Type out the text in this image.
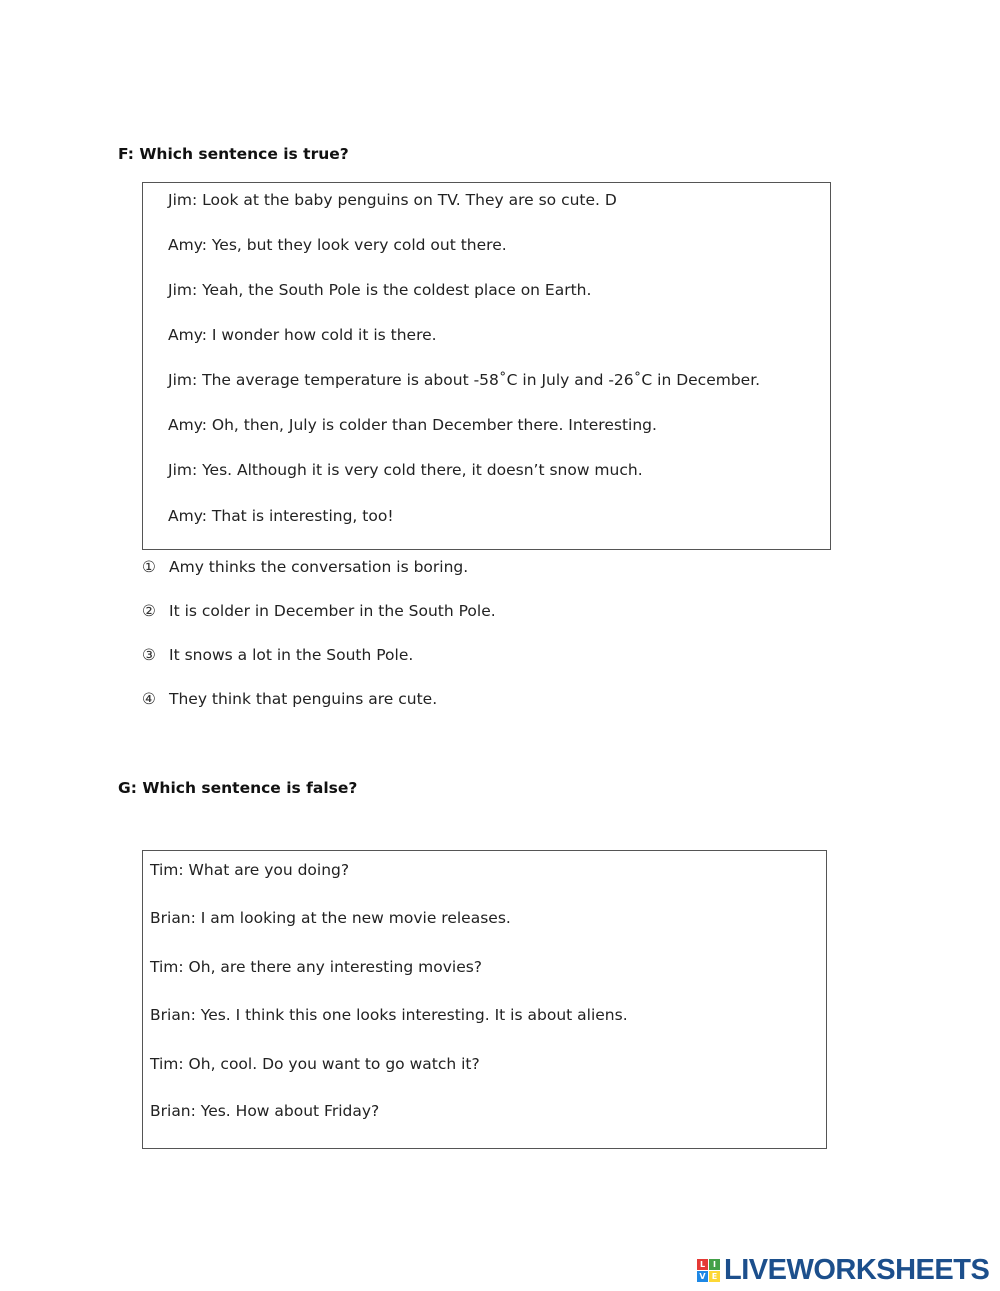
F: Which sentence is true?
Jim: Look at the baby penguins on TV. They are so cute. D
Amy: Yes, but they look very cold out there.
Jim: Yeah, the South Pole is the coldest place on Earth.
Amy: I wonder how cold it is there.
Jim: The average temperature is about -58˚C in July and -26˚C in December.
Amy: Oh, then, July is colder than December there. Interesting.
Jim: Yes. Although it is very cold there, it doesn’t snow much.
Amy: That is interesting, too!
① Amy thinks the conversation is boring.
② It is colder in December in the South Pole.
③ It snows a lot in the South Pole.
④ They think that penguins are cute.
G: Which sentence is false?
Tim: What are you doing?
Brian: I am looking at the new movie releases.
Tim: Oh, are there any interesting movies?
Brian: Yes. I think this one looks interesting. It is about aliens.
Tim: Oh, cool. Do you want to go watch it?
Brian: Yes. How about Friday?
L I
V E LIVEWORKSHEETS
